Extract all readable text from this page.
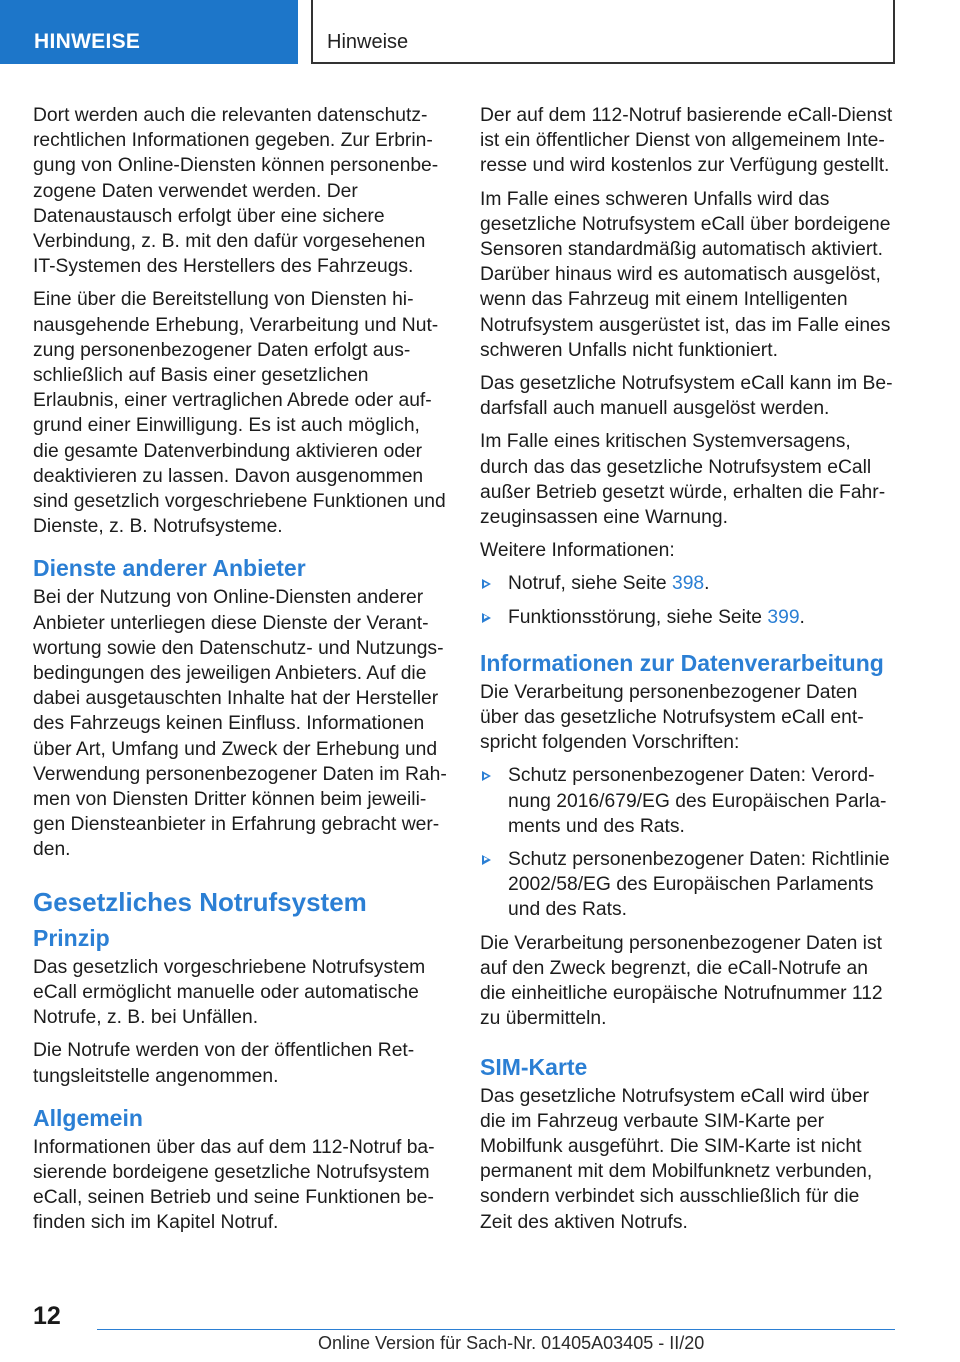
HINWEISE	Hinweise

Dort werden auch die relevanten datenschutzrechtlichen Informationen gegeben. Zur Erbringung von Online-Diensten können personenbezogene Daten verwendet werden. Der Datenaustausch erfolgt über eine sichere Verbindung, z. B. mit den dafür vorgesehenen IT-Systemen des Herstellers des Fahrzeugs.

Eine über die Bereitstellung von Diensten hinausgehende Erhebung, Verarbeitung und Nutzung personenbezogener Daten erfolgt ausschließlich auf Basis einer gesetzlichen Erlaubnis, einer vertraglichen Abrede oder aufgrund einer Einwilligung. Es ist auch möglich, die gesamte Datenverbindung aktivieren oder deaktivieren zu lassen. Davon ausgenommen sind gesetzlich vorgeschriebene Funktionen und Dienste, z. B. Notrufsysteme.

Dienste anderer Anbieter

Bei der Nutzung von Online-Diensten anderer Anbieter unterliegen diese Dienste der Verantwortung sowie den Datenschutz- und Nutzungsbedingungen des jeweiligen Anbieters. Auf die dabei ausgetauschten Inhalte hat der Hersteller des Fahrzeugs keinen Einfluss. Informationen über Art, Umfang und Zweck der Erhebung und Verwendung personenbezogener Daten im Rahmen von Diensten Dritter können beim jeweiligen Diensteanbieter in Erfahrung gebracht werden.

Gesetzliches Notrufsystem
Prinzip

Das gesetzlich vorgeschriebene Notrufsystem eCall ermöglicht manuelle oder automatische Notrufe, z. B. bei Unfällen.

Die Notrufe werden von der öffentlichen Rettungsleitstelle angenommen.

Allgemein

Informationen über das auf dem 112-Notruf basierende bordeigene gesetzliche Notrufsystem eCall, seinen Betrieb und seine Funktionen befinden sich im Kapitel Notruf.

Der auf dem 112-Notruf basierende eCall-Dienst ist ein öffentlicher Dienst von allgemeinem Interesse und wird kostenlos zur Verfügung gestellt.

Im Falle eines schweren Unfalls wird das gesetzliche Notrufsystem eCall über bordeigene Sensoren standardmäßig automatisch aktiviert. Darüber hinaus wird es automatisch ausgelöst, wenn das Fahrzeug mit einem Intelligenten Notrufsystem ausgerüstet ist, das im Falle eines schweren Unfalls nicht funktioniert.

Das gesetzliche Notrufsystem eCall kann im Bedarfsfall auch manuell ausgelöst werden.

Im Falle eines kritischen Systemversagens, durch das das gesetzliche Notrufsystem eCall außer Betrieb gesetzt würde, erhalten die Fahrzeuginsassen eine Warnung.

Weitere Informationen:

Notruf, siehe Seite 398.
Funktionsstörung, siehe Seite 399.
Informationen zur Datenverarbeitung

Die Verarbeitung personenbezogener Daten über das gesetzliche Notrufsystem eCall entspricht folgenden Vorschriften:

Schutz personenbezogener Daten: Verordnung 2016/679/EG des Europäischen Parlaments und des Rats.
Schutz personenbezogener Daten: Richtlinie 2002/58/EG des Europäischen Parlaments und des Rats.

Die Verarbeitung personenbezogener Daten ist auf den Zweck begrenzt, die eCall-Notrufe an die einheitliche europäische Notrufnummer 112 zu übermitteln.

SIM-Karte

Das gesetzliche Notrufsystem eCall wird über die im Fahrzeug verbaute SIM-Karte per Mobilfunk ausgeführt. Die SIM-Karte ist nicht permanent mit dem Mobilfunknetz verbunden, sondern verbindet sich ausschließlich für die Zeit des aktiven Notrufs.

12
Online Version für Sach-Nr. 01405A03405 - II/20
